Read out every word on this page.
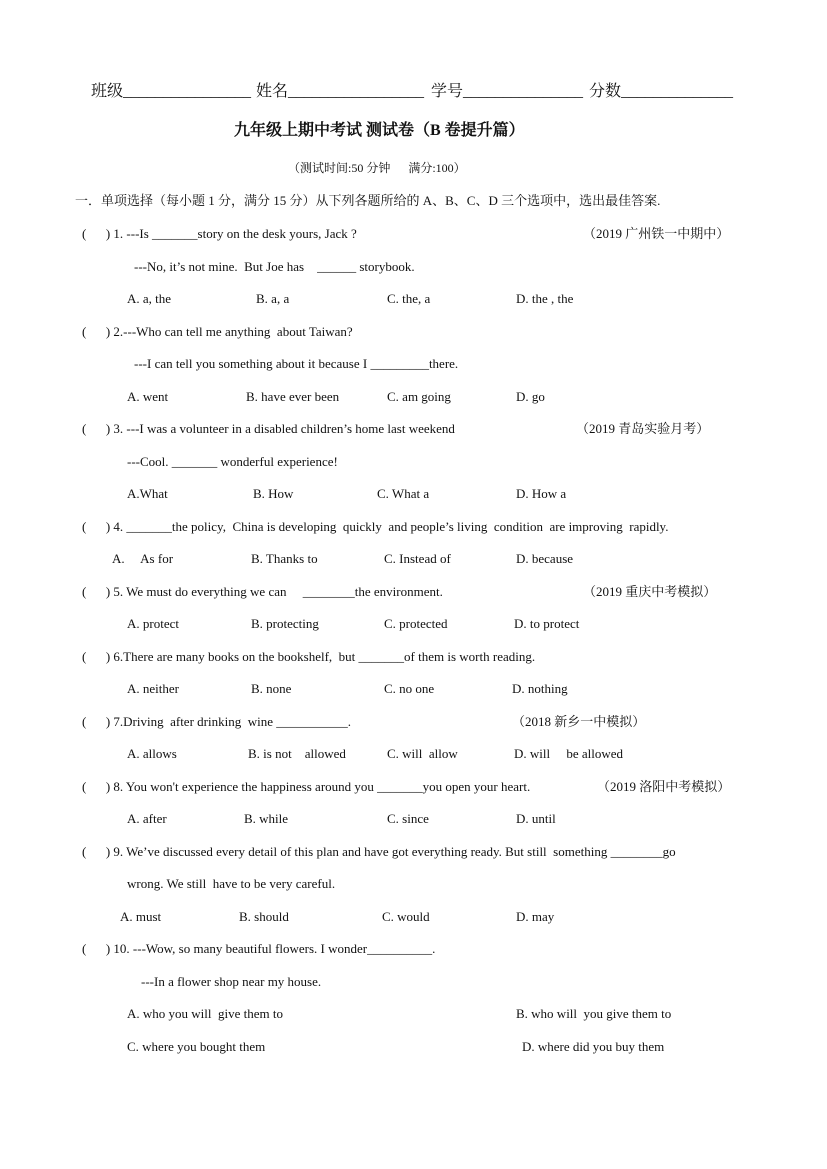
班级________________ 姓名_________________ 学号_______________ 分数______________
九年级上期中考试 测试卷（B 卷提升篇）
（测试时间:50 分钟      满分:100）
一．单项选择（每小题 1 分，满分 15 分）从下列各题所给的 A、B、C、D 三个选项中，选出最佳答案.
(      ) 1. ---Is _______story on the desk yours, Jack ?	（2019 广州铁一中期中）
---No, it’s not mine.  But Joe has    ______ storybook.
A. a, the	B. a, a	C. the, a	D. the , the
(      ) 2.---Who can tell me anything  about Taiwan?
---I can tell you something about it because I _________there.
A. went	B. have ever been	C. am going	D. go
(      ) 3. ---I was a volunteer in a disabled children’s home last weekend	（2019 青岛实验月考）
---Cool. _______ wonderful experience!
A.What	B. How	C. What a	D. How a
(      ) 4. _______the policy,  China is developing  quickly  and people’s living  condition  are improving  rapidly.
A.     As for	B. Thanks to	C. Instead of	D. because
(      ) 5. We must do everything we can     ________the environment.	（2019 重庆中考模拟）
A. protect	B. protecting	C. protected	D. to protect
(      ) 6.There are many books on the bookshelf,  but _______of them is worth reading.
A. neither	B. none	C. no one	D. nothing
(      ) 7.Driving  after drinking  wine ___________.	（2018 新乡一中模拟）
A. allows	B. is not    allowed	C. will  allow	D. will     be allowed
(      ) 8. You won't experience the happiness around you _______you open your heart.	（2019 洛阳中考模拟）
A. after	B. while	C. since	D. until
(      ) 9. We’ve discussed every detail of this plan and have got everything ready. But still  something ________go
wrong. We still  have to be very careful.
A. must	B. should	C. would	D. may
(      ) 10. ---Wow, so many beautiful flowers. I wonder__________.
---In a flower shop near my house.
A. who you will  give them to	B. who will  you give them to
C. where you bought them	D. where did you buy them
